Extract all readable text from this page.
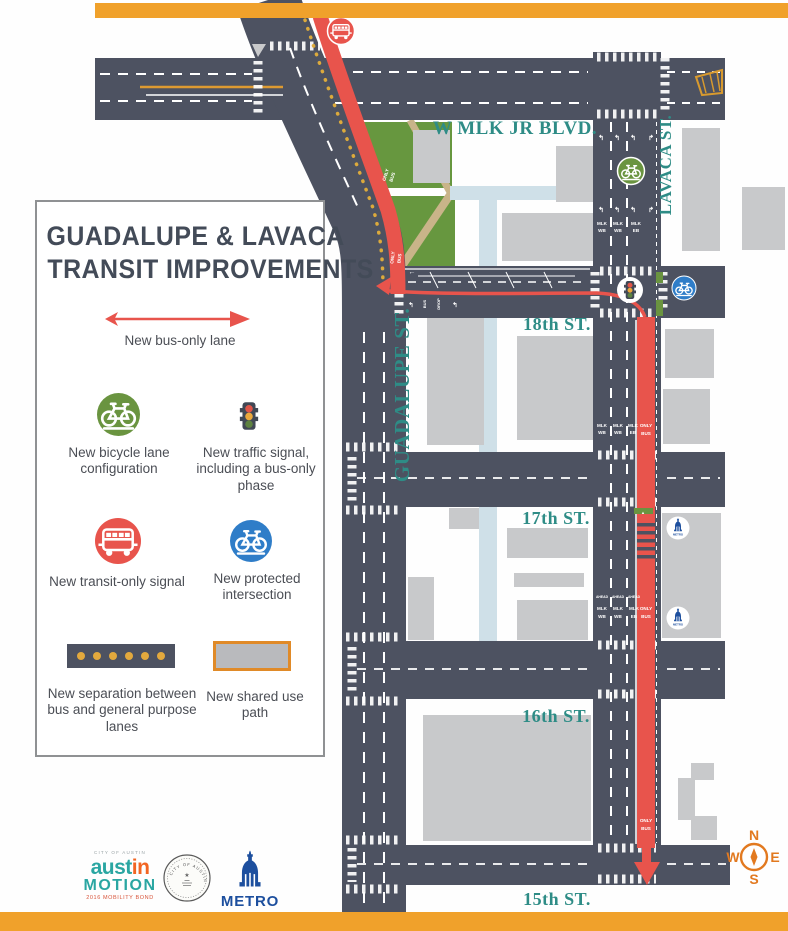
↰ ↰ ↰ ↱
↰ ↰ ↰ ↱
MLK
WB
MLK
WB
MLK
EB
MLK
WB
MLK
WB
MLK
EB
ONLY
BUS
AHEAD AHEAD AHEAD
MLK
WB
MLK
WB
MLK
EB
ONLY
BUS
ONLY
BUS
ONLY
BUS
ONLY BUS
↰ BUS DROP ↰
←
▲
METRO
METRO
W MLK JR BLVD.	LAVACA ST.
GUADALUPE ST.	18th ST.
17th ST.
16th ST.
15th ST.
N
S
W E
GUADALUPE & LAVACA
TRANSIT IMPROVEMENTS
New bus-only lane
New bicycle lane configuration
New traffic signal, including a bus-only phase
New transit-only signal	New protected intersection
New separation between bus and general purpose lanes
New shared use path
CITY OF AUSTIN
austin
MOTION
2016 MOBILITY BOND
CITY OF AUSTIN
★
METRO
